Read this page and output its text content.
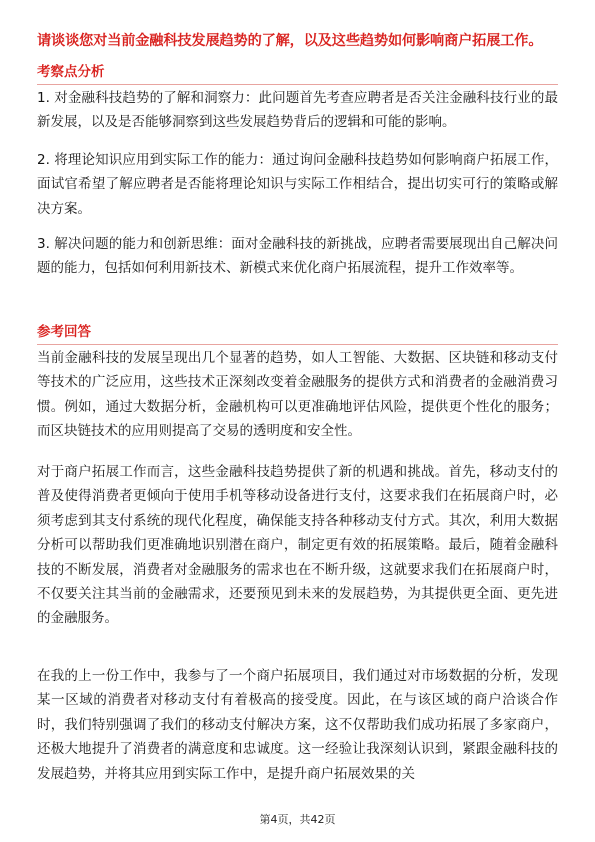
请谈谈您对当前金融科技发展趋势的了解，以及这些趋势如何影响商户拓展工作。
考察点分析
1. 对金融科技趋势的了解和洞察力：此问题首先考查应聘者是否关注金融科技行业的最新发展，以及是否能够洞察到这些发展趋势背后的逻辑和可能的影响。
2. 将理论知识应用到实际工作的能力：通过询问金融科技趋势如何影响商户拓展工作，面试官希望了解应聘者是否能将理论知识与实际工作相结合，提出切实可行的策略或解决方案。
3. 解决问题的能力和创新思维：面对金融科技的新挑战，应聘者需要展现出自己解决问题的能力，包括如何利用新技术、新模式来优化商户拓展流程，提升工作效率等。
参考回答
当前金融科技的发展呈现出几个显著的趋势，如人工智能、大数据、区块链和移动支付等技术的广泛应用，这些技术正深刻改变着金融服务的提供方式和消费者的金融消费习惯。例如，通过大数据分析，金融机构可以更准确地评估风险，提供更个性化的服务；而区块链技术的应用则提高了交易的透明度和安全性。
对于商户拓展工作而言，这些金融科技趋势提供了新的机遇和挑战。首先，移动支付的普及使得消费者更倾向于使用手机等移动设备进行支付，这要求我们在拓展商户时，必须考虑到其支付系统的现代化程度，确保能支持各种移动支付方式。其次，利用大数据分析可以帮助我们更准确地识别潜在商户，制定更有效的拓展策略。最后，随着金融科技的不断发展，消费者对金融服务的需求也在不断升级，这就要求我们在拓展商户时，不仅要关注其当前的金融需求，还要预见到未来的发展趋势，为其提供更全面、更先进的金融服务。
在我的上一份工作中，我参与了一个商户拓展项目，我们通过对市场数据的分析，发现某一区域的消费者对移动支付有着极高的接受度。因此，在与该区域的商户洽谈合作时，我们特别强调了我们的移动支付解决方案，这不仅帮助我们成功拓展了多家商户，还极大地提升了消费者的满意度和忠诚度。这一经验让我深刻认识到，紧跟金融科技的发展趋势，并将其应用到实际工作中，是提升商户拓展效果的关
第4页，共42页
